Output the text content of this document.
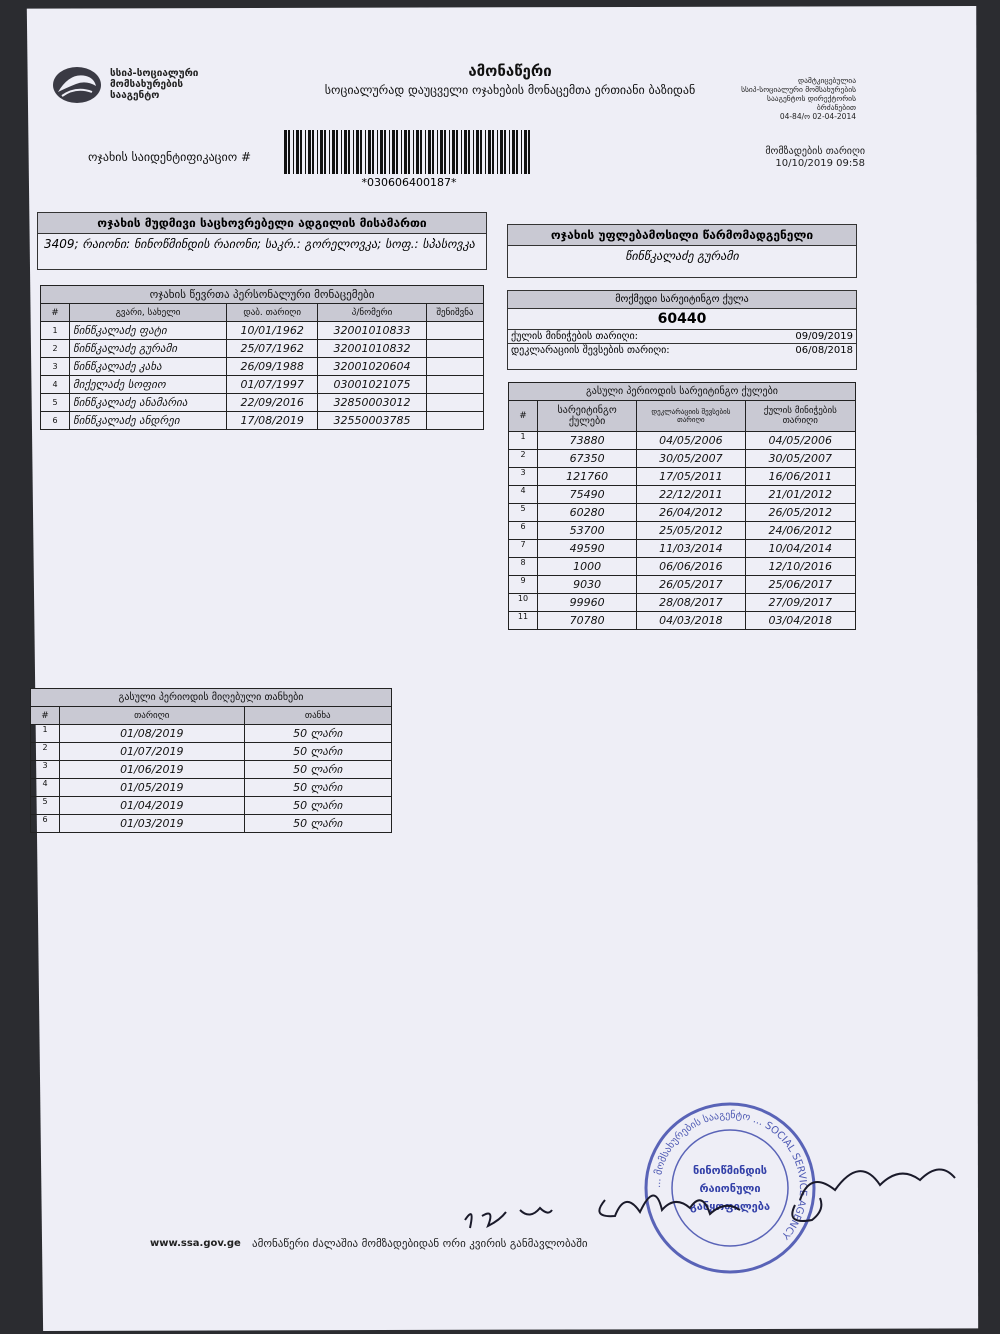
სსიპ-სოციალური
მომსახურების
სააგენტო
ამონაწერი
სოციალურად დაუცველი ოჯახების მონაცემთა ერთიანი ბაზიდან
დამტკიცებულია
სსიპ-სოციალური მომსახურების
სააგენტოს დირექტორის
ბრძანებით
04-84/ო 02-04-2014
ოჯახის საიდენტიფიკაციო #
*030606400187*
მომზადების თარიღი
10/10/2019 09:58
ოჯახის მუდმივი საცხოვრებელი ადგილის მისამართი
3409; რაიონი: ნინოწმინდის რაიონი; საკრ.: გორელოვკა; სოფ.: სპასოვკა
ოჯახის უფლებამოსილი წარმომადგენელი
წინწკალაძე გურამი
ოჯახის წევრთა პერსონალური მონაცემები				
#	გვარი, სახელი	დაბ. თარიღი	პ/ნომერი	შენიშვნა
1	წინწკალაძე ფატი	10/01/1962	32001010833	
2	წინწკალაძე გურამი	25/07/1962	32001010832	
3	წინწკალაძე კახა	26/09/1988	32001020604	
4	მიქელაძე სოფიო	01/07/1997	03001021075	
5	წინწკალაძე ანამარია	22/09/2016	32850003012	
6	წინწკალაძე ანდრეი	17/08/2019	32550003785	
მოქმედი სარეიტინგო ქულა
60440
ქულის მინიჭების თარიღი:	09/09/2019
დეკლარაციის შევსების თარიღი:	06/08/2018
გასული პერიოდის სარეიტინგო ქულები			
#	სარეიტინგო ქულები	დეკლარაციის შევსების თარიღი	ქულის მინიჭების თარიღი
1	73880	04/05/2006	04/05/2006
2	67350	30/05/2007	30/05/2007
3	121760	17/05/2011	16/06/2011
4	75490	22/12/2011	21/01/2012
5	60280	26/04/2012	26/05/2012
6	53700	25/05/2012	24/06/2012
7	49590	11/03/2014	10/04/2014
8	1000	06/06/2016	12/10/2016
9	9030	26/05/2017	25/06/2017
10	99960	28/08/2017	27/09/2017
11	70780	04/03/2018	03/04/2018
გასული პერიოდის მიღებული თანხები		
#	თარიღი	თანხა
1	01/08/2019	50 ლარი
2	01/07/2019	50 ლარი
3	01/06/2019	50 ლარი
4	01/05/2019	50 ლარი
5	01/04/2019	50 ლარი
6	01/03/2019	50 ლარი
... მომსახურების სააგენტო ... SOCIAL SERVICE AGENCY
ნინოწმინდის
რაიონული
განყოფილება
www.ssa.gov.ge ამონაწერი ძალაშია მომზადებიდან ორი კვირის განმავლობაში
